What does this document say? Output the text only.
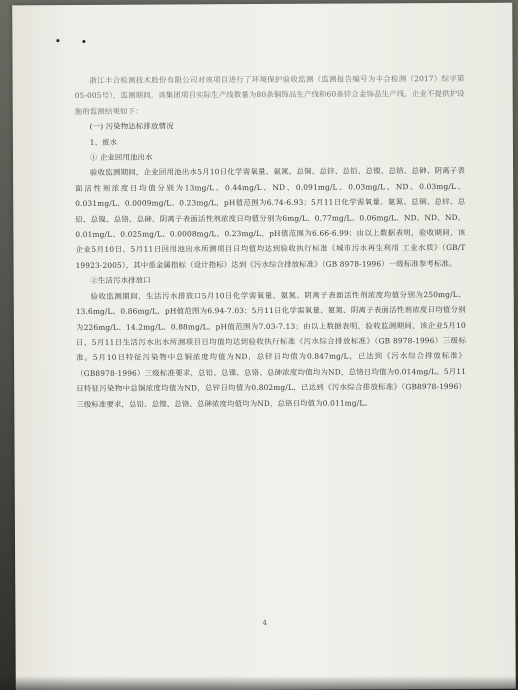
浙江丰合检测技术股份有限公司对该项目进行了环境保护验收监测（监测报告编号为丰合检测（2017）综字第05-005号），监测期间，该集团项目实际生产线数量为80条铜饰品生产线和60条锌合金饰品生产线，企业不提供护设施的监测结果如下：

(一) 污染物达标排放情况
1、废水
① 企业回用池出水

验收监测期间，企业回用池出水5月10日化学需氧量、氨氮、总铜、总锌、总铅、总镍、总铬、总砷、阴离子表面活性剂浓度日均值分别为13mg/L、0.44mg/L、ND、0.091mg/L、0.03mg/L、ND、0.03mg/L、0.031mg/L、0.0009mg/L、0.23mg/L，pH值范围为6.74-6.93；5月11日化学需氧量、氨氮、总铜、总锌、总铅、总镍、总铬、总砷、阴离子表面活性剂浓度日均值分别为6mg/L、0.77mg/L、0.06mg/L、ND、ND、ND、0.01mg/L、0.025mg/L、0.0008mg/L、0.23mg/L，pH值范围为6.66-6.99；由以上数据表明，验收期间，该企业5月10日、5月11日回用池出水所测项目日均值均达到验收执行标准《城市污水再生利用 工业水质》（GB/T 19923-2005），其中重金属指标（设计指标）达到《污水综合排放标准》（GB 8978-1996）一级标准参考标准。

②生活污水排放口

验收监测期间，生活污水排放口5月10日化学需氧量、氨氮、阴离子表面活性剂浓度均值分别为250mg/L、13.6mg/L、0.86mg/L，pH值范围为6.94-7.03；5月11日化学需氧量、氨氮、阴离子表面活性剂浓度日均值分别为226mg/L、14.2mg/L、0.88mg/L，pH值范围为7.03-7.13；由以上数据表明，验收监测期间，该企业5月10日、5月11日生活污水出水所测项目日均值均达到验收执行标准《污水综合排放标准》（GB 8978-1996）三级标准。5月10日特征污染物中总铜浓度均值为ND，总锌日均值为0.847mg/L，已达到《污水综合排放标准》（GB8978-1996）三级标准要求，总铅、总镍、总铬、总砷浓度均值均为ND，总铬日均值为0.014mg/L。5月11日特征污染物中总铜浓度均值为ND，总锌日均值为0.802mg/L，已达到《污水综合排放标准》（GB8978-1996）三级标准要求，总铅、总镍、总铬、总砷浓度均值均为ND，总铬日均值为0.011mg/L。

4
